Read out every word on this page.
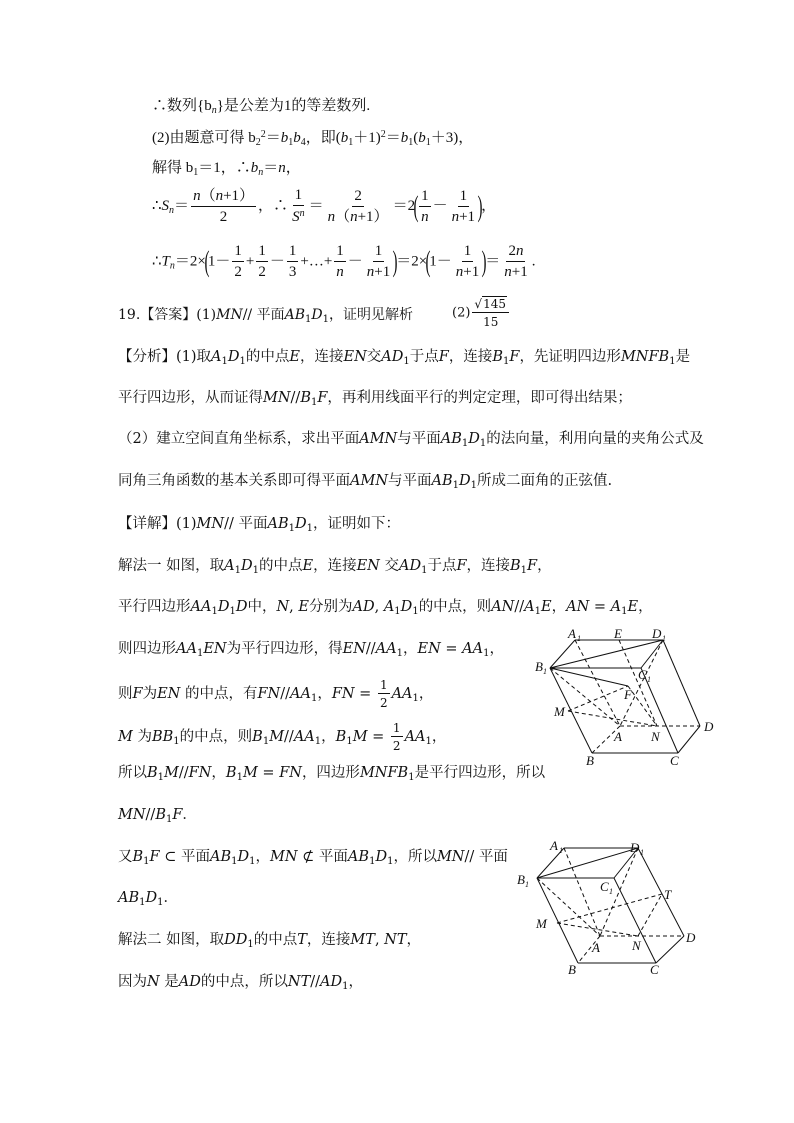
∴数列$\{b_n\}$是公差为1的等差数列.
(2)由题意可得 $b_2^2=b_1b_4$，即$(b_1+1)^2=b_1(b_1+3)$，
解得 $b_1=1$，$\therefore b_n=n$，
$\therefore S_n= \frac{n(n+1)}{2}$ ，∴ $\frac{1}{S^n} = \frac{2}{n(n+1)} =2( \frac{1}{n} - \frac{1}{n+1}$ )，
$\therefore T_n=2\times(1- \frac{1}{2} + \frac{1}{2} - \frac{1}{3}$ +…+ $\frac{1}{n} - \frac{1}{n+1} )=2\times(1- \frac{1}{n+1}$ )＝ $\frac{2n}{n+1}$ .
19.【答案】(1)MN// 平面$AB_1D_1$，证明见解析	$(2) \frac{√145}{15}$
【分析】(1)取$A_1D_1$的中点E，连接EN交$AD_1$于点F，连接$B_1F$，先证明四边形$MNFB_1$是
平行四边形，从而证得$MN//B_1F$，再利用线面平行的判定定理，即可得出结果；
（2）建立空间直角坐标系，求出平面AMN与平面$AB_1D_1$的法向量，利用向量的夹角公式及
同角三角函数的基本关系即可得平面AMN与平面$AB_1D_1$所成二面角的正弦值.
【详解】(1)MN// 平面$AB_1D_1$，证明如下：
解法一 如图，取$A_1D_1$的中点E，连接EN 交$AD_1$于点F，连接$B_1F$，
平行四边形$AA_1D_1D$中，N, E分别为AD, $A_1D_1$的中点，则$AN//A_1E$，AN = $A_1E$，
则四边形$AA_1EN$为平行四边形，得$EN//AA_1$，EN = $AA_1$，
则F为EN 的中点，有$FN//AA_1$，FN = $\frac{1}{2} AA_1$，
M 为$BB_1$的中点，则$B_1M//AA_1$，$B_1M = \frac{1}{2} AA_1$，
所以$B_1M//FN$，$B_1M$ = FN，四边形$MNFB_1$是平行四边形，所以
$MN//B_1F$．
又$B_1F$ ⊂ 平面$AB_1D_1$，MN ⊄ 平面$AB_1D_1$，所以MN// 平面
$AB_1D_1$．
解法二 如图，取$DD_1$的中点T，连接MT, NT，
因为N 是AD的中点，所以$NT//AD_1$，
A 1	E D 1
B 1	C 1
F
M
A N
D
B	C
A 1	D 1
B 1	C 1	T
M
A N
D
B	C
